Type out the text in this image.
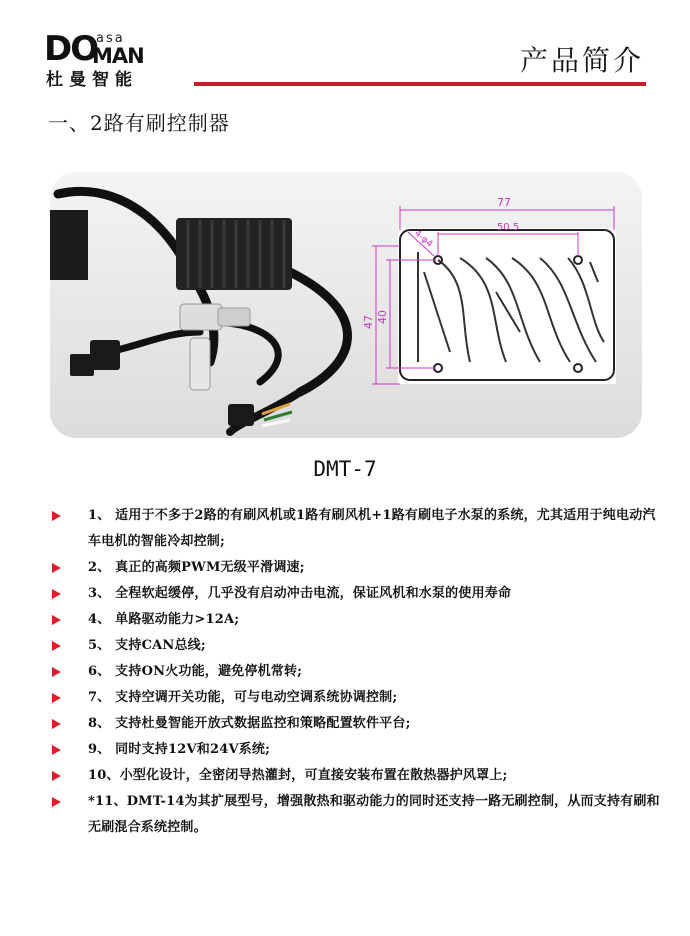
DO
asa
MAN
杜曼智能
产品简介
一、2路有刷控制器
77
50.5
4-φ4
47 40
DMT-7
1、 适用于不多于2路的有刷风机或1路有刷风机+1路有刷电子水泵的系统，尤其适用于纯电动汽车电机的智能冷却控制;
2、 真正的高频PWM无级平滑调速;
3、 全程软起缓停，几乎没有启动冲击电流，保证风机和水泵的使用寿命
4、 单路驱动能力>12A;
5、 支持CAN总线;
6、 支持ON火功能，避免停机常转;
7、 支持空调开关功能，可与电动空调系统协调控制;
8、 支持杜曼智能开放式数据监控和策略配置软件平台;
9、 同时支持12V和24V系统;
10、小型化设计，全密闭导热灌封，可直接安装布置在散热器护风罩上;
*11、DMT-14为其扩展型号，增强散热和驱动能力的同时还支持一路无刷控制，从而支持有刷和无刷混合系统控制。
